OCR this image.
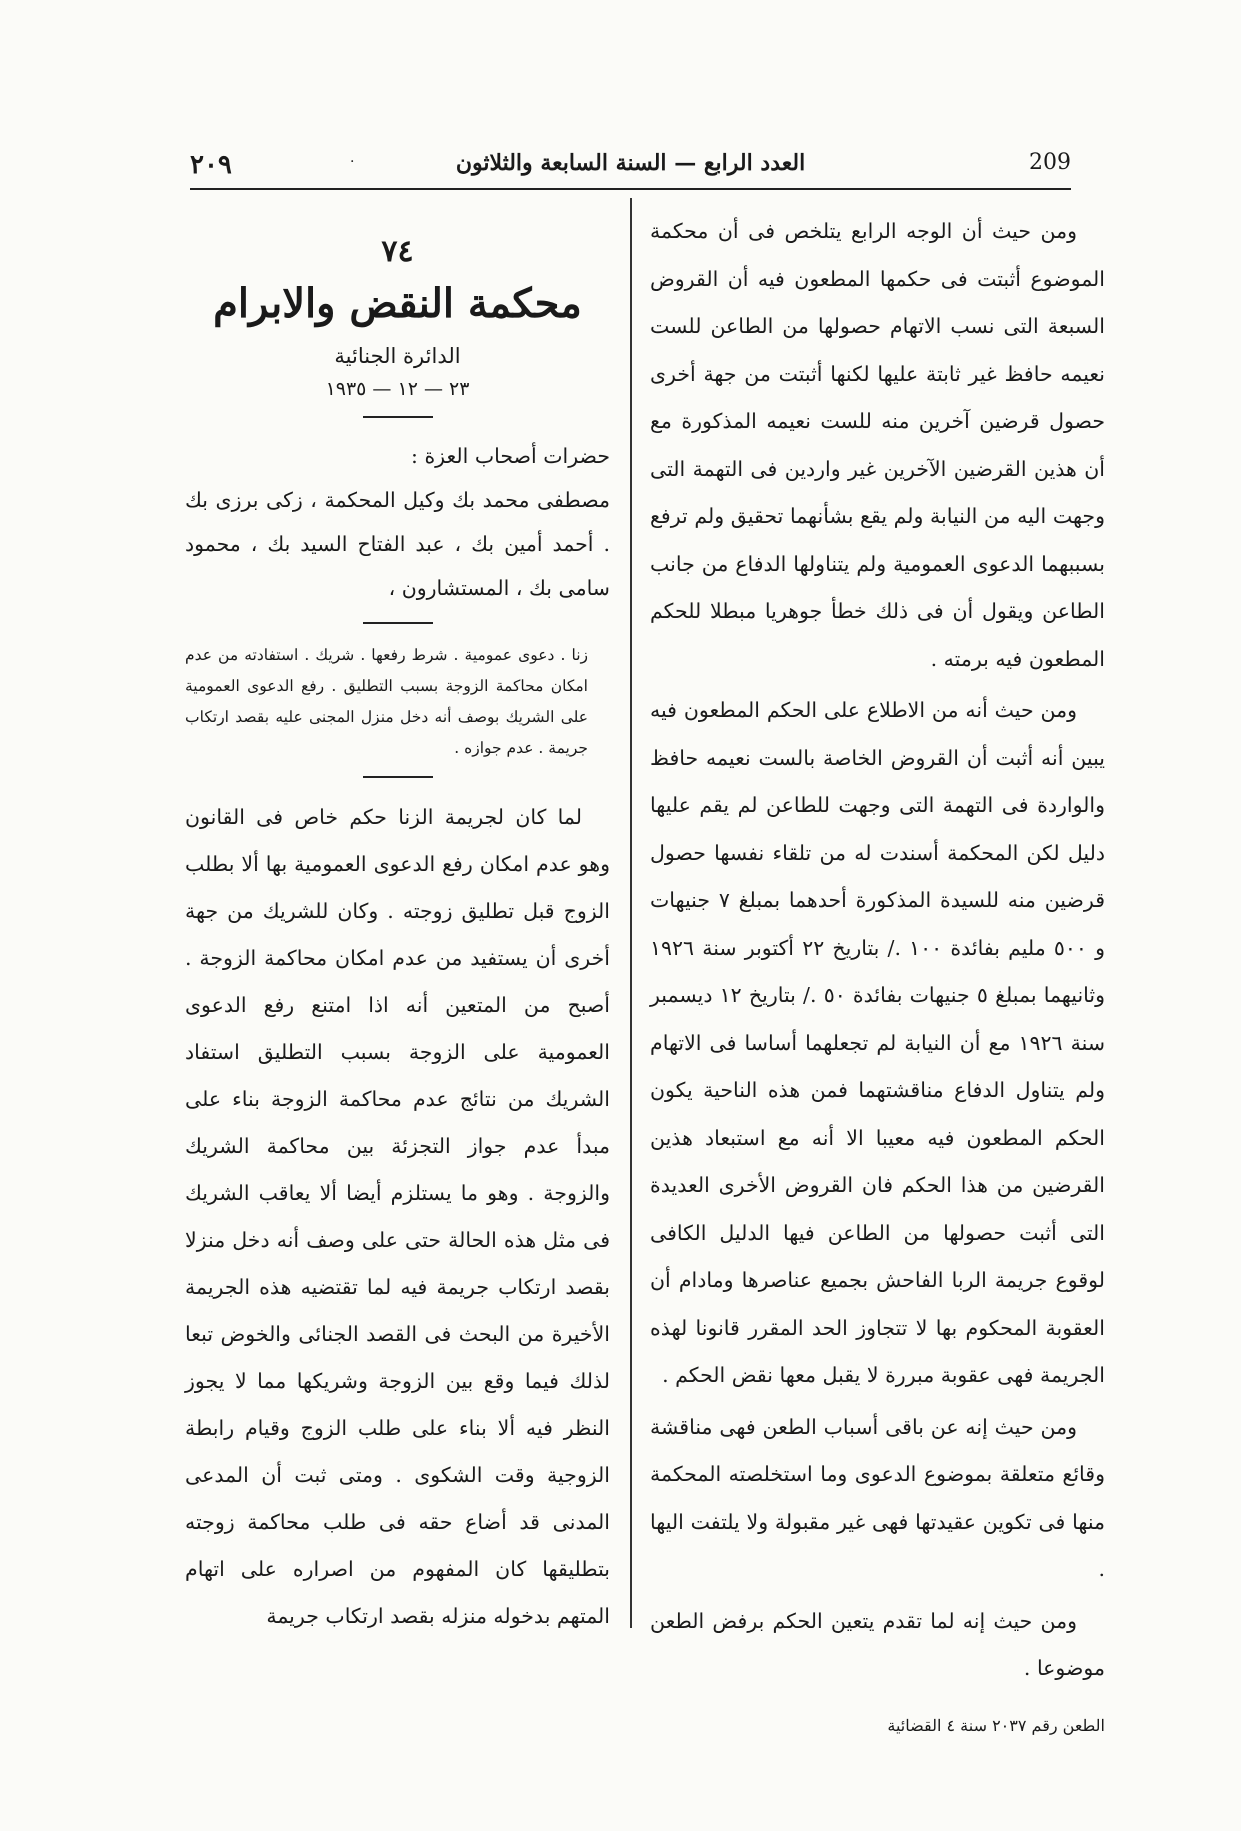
209
العدد الرابع — السنة السابعة والثلاثون
·
٢٠٩

ومن حيث أن الوجه الرابع يتلخص فى أن محكمة الموضوع أثبتت فى حكمها المطعون فيه أن القروض السبعة التى نسب الاتهام حصولها من الطاعن للست نعيمه حافظ غير ثابتة عليها لكنها أثبتت من جهة أخرى حصول قرضين آخرين منه للست نعيمه المذكورة مع أن هذين القرضين الآخرين غير واردين فى التهمة التى وجهت اليه من النيابة ولم يقع بشأنهما تحقيق ولم ترفع بسببهما الدعوى العمومية ولم يتناولها الدفاع من جانب الطاعن ويقول أن فى ذلك خطأ جوهريا مبطلا للحكم المطعون فيه برمته .

ومن حيث أنه من الاطلاع على الحكم المطعون فيه يبين أنه أثبت أن القروض الخاصة بالست نعيمه حافظ والواردة فى التهمة التى وجهت للطاعن لم يقم عليها دليل لكن المحكمة أسندت له من تلقاء نفسها حصول قرضين منه للسيدة المذكورة أحدهما بمبلغ ٧ جنيهات و ٥٠٠ مليم بفائدة ١٠٠ ./ بتاريخ ٢٢ أكتوبر سنة ١٩٢٦ وثانيهما بمبلغ ٥ جنيهات بفائدة ٥٠ ./ بتاريخ ١٢ ديسمبر سنة ١٩٢٦ مع أن النيابة لم تجعلهما أساسا فى الاتهام ولم يتناول الدفاع مناقشتهما فمن هذه الناحية يكون الحكم المطعون فيه معيبا الا أنه مع استبعاد هذين القرضين من هذا الحكم فان القروض الأخرى العديدة التى أثبت حصولها من الطاعن فيها الدليل الكافى لوقوع جريمة الربا الفاحش بجميع عناصرها ومادام أن العقوبة المحكوم بها لا تتجاوز الحد المقرر قانونا لهذه الجريمة فهى عقوبة مبررة لا يقبل معها نقض الحكم .

ومن حيث إنه عن باقى أسباب الطعن فهى مناقشة وقائع متعلقة بموضوع الدعوى وما استخلصته المحكمة منها فى تكوين عقيدتها فهى غير مقبولة ولا يلتفت اليها .

ومن حيث إنه لما تقدم يتعين الحكم برفض الطعن موضوعا .

الطعن رقم ٢٠٣٧ سنة ٤ القضائية
٧٤
محكمة النقض والابرام
الدائرة الجنائية
٢٣ — ١٢ — ١٩٣٥
حضرات أصحاب العزة :
مصطفى محمد بك وكيل المحكمة ، زكى برزى بك . أحمد أمين بك ، عبد الفتاح السيد بك ، محمود سامى بك ، المستشارون ،
زنا . دعوى عمومية . شرط رفعها . شريك . استفادته من عدم امكان محاكمة الزوجة بسبب التطليق . رفع الدعوى العمومية على الشريك بوصف أنه دخل منزل المجنى عليه بقصد ارتكاب جريمة . عدم جوازه .

لما كان لجريمة الزنا حكم خاص فى القانون وهو عدم امكان رفع الدعوى العمومية بها ألا بطلب الزوج قبل تطليق زوجته . وكان للشريك من جهة أخرى أن يستفيد من عدم امكان محاكمة الزوجة . أصبح من المتعين أنه اذا امتنع رفع الدعوى العمومية على الزوجة بسبب التطليق استفاد الشريك من نتائج عدم محاكمة الزوجة بناء على مبدأ عدم جواز التجزئة بين محاكمة الشريك والزوجة . وهو ما يستلزم أيضا ألا يعاقب الشريك فى مثل هذه الحالة حتى على وصف أنه دخل منزلا بقصد ارتكاب جريمة فيه لما تقتضيه هذه الجريمة الأخيرة من البحث فى القصد الجنائى والخوض تبعا لذلك فيما وقع بين الزوجة وشريكها مما لا يجوز النظر فيه ألا بناء على طلب الزوج وقيام رابطة الزوجية وقت الشكوى . ومتى ثبت أن المدعى المدنى قد أضاع حقه فى طلب محاكمة زوجته بتطليقها كان المفهوم من اصراره على اتهام المتهم بدخوله منزله بقصد ارتكاب جريمة
